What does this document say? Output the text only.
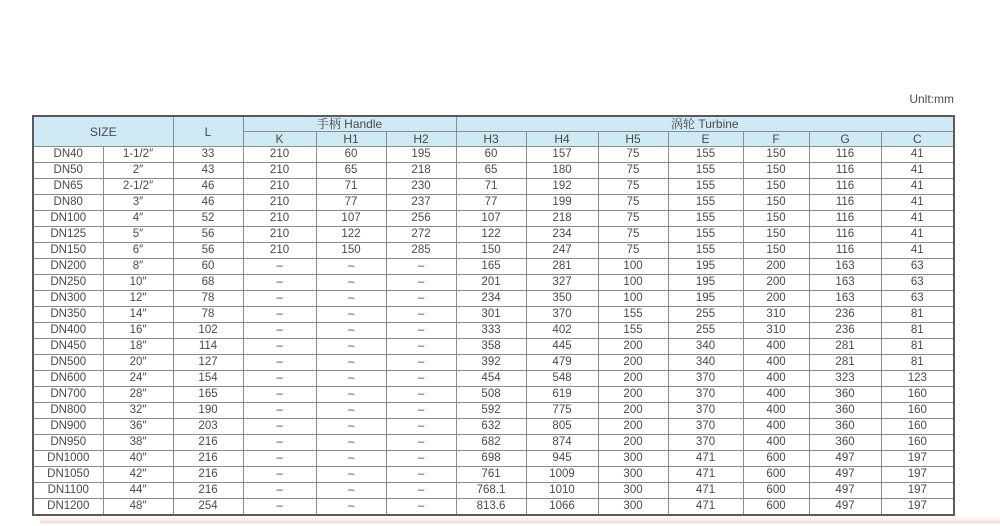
Unlt:mm
SIZE		L	手柄 Handle			涡轮 Turbine						
			K	H1	H2	H3	H4	H5	E	F	G	C
DN40	1-1/2″	33	210	60	195	60	157	75	155	150	116	41
DN50	2″	43	210	65	218	65	180	75	155	150	116	41
DN65	2-1/2″	46	210	71	230	71	192	75	155	150	116	41
DN80	3″	46	210	77	237	77	199	75	155	150	116	41
DN100	4″	52	210	107	256	107	218	75	155	150	116	41
DN125	5″	56	210	122	272	122	234	75	155	150	116	41
DN150	6″	56	210	150	285	150	247	75	155	150	116	41
DN200	8″	60	–	–	–	165	281	100	195	200	163	63
DN250	10″	68	–	–	–	201	327	100	195	200	163	63
DN300	12″	78	–	–	–	234	350	100	195	200	163	63
DN350	14″	78	–	–	–	301	370	155	255	310	236	81
DN400	16″	102	–	–	–	333	402	155	255	310	236	81
DN450	18″	114	–	–	–	358	445	200	340	400	281	81
DN500	20″	127	–	–	–	392	479	200	340	400	281	81
DN600	24″	154	–	–	–	454	548	200	370	400	323	123
DN700	28″	165	–	–	–	508	619	200	370	400	360	160
DN800	32″	190	–	–	–	592	775	200	370	400	360	160
DN900	36″	203	–	–	–	632	805	200	370	400	360	160
DN950	38″	216	–	–	–	682	874	200	370	400	360	160
DN1000	40″	216	–	–	–	698	945	300	471	600	497	197
DN1050	42″	216	–	–	–	761	1009	300	471	600	497	197
DN1100	44″	216	–	–	–	768.1	1010	300	471	600	497	197
DN1200	48″	254	–	–	–	813.6	1066	300	471	600	497	197
